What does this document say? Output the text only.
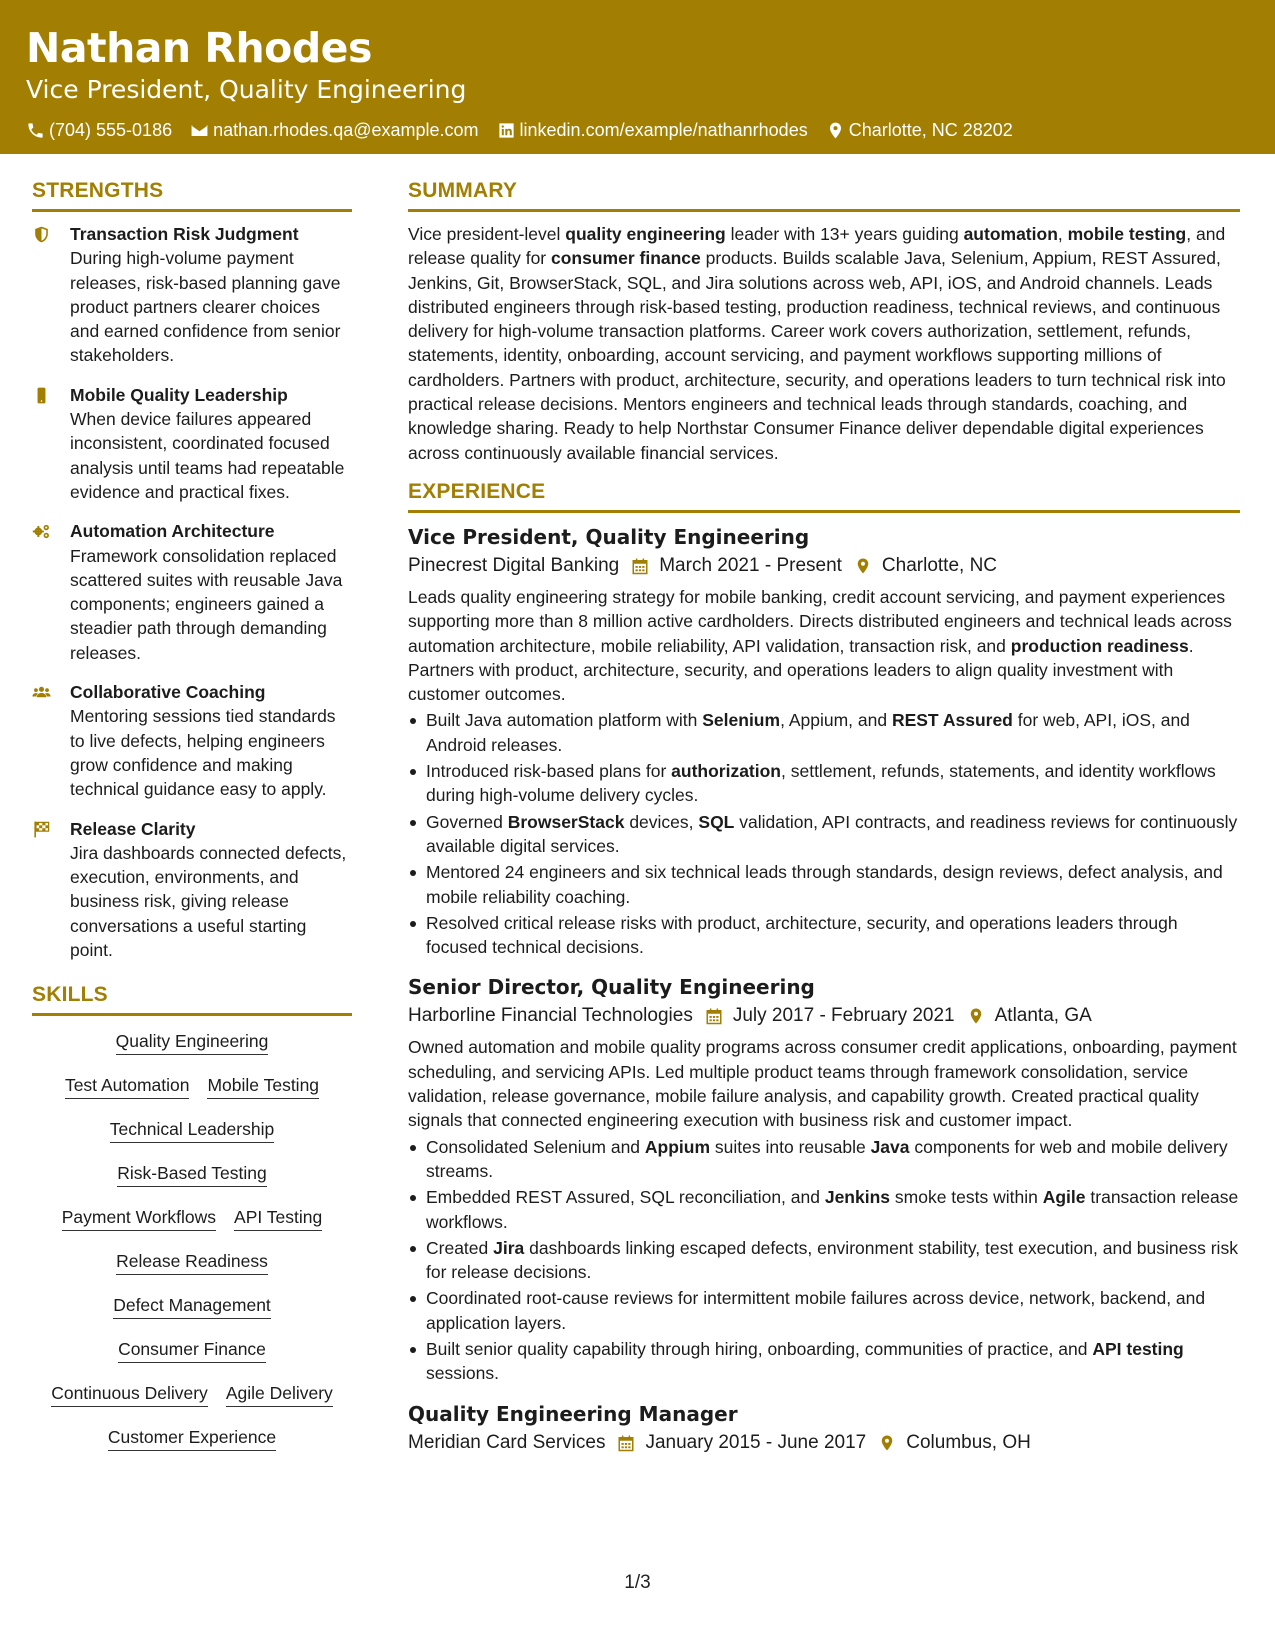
Nathan Rhodes
Vice President, Quality Engineering
(704) 555-0186 nathan.rhodes.qa@example.com linkedin.com/example/nathanrhodes Charlotte, NC 28202
STRENGTHS
Transaction Risk Judgment
During high-volume payment releases, risk-based planning gave product partners clearer choices and earned confidence from senior stakeholders.
Mobile Quality Leadership
When device failures appeared inconsistent, coordinated focused analysis until teams had repeatable evidence and practical fixes.
Automation Architecture
Framework consolidation replaced scattered suites with reusable Java components; engineers gained a steadier path through demanding releases.
Collaborative Coaching
Mentoring sessions tied standards to live defects, helping engineers grow confidence and making technical guidance easy to apply.
Release Clarity
Jira dashboards connected defects, execution, environments, and business risk, giving release conversations a useful starting point.
SKILLS
Quality Engineering
Test Automation Mobile Testing
Technical Leadership
Risk-Based Testing
Payment Workflows API Testing
Release Readiness
Defect Management
Consumer Finance
Continuous Delivery Agile Delivery
Customer Experience
SUMMARY
Vice president-level quality engineering leader with 13+ years guiding automation, mobile testing, and release quality for consumer finance products. Builds scalable Java, Selenium, Appium, REST Assured, Jenkins, Git, BrowserStack, SQL, and Jira solutions across web, API, iOS, and Android channels. Leads distributed engineers through risk-based testing, production readiness, technical reviews, and continuous delivery for high-volume transaction platforms. Career work covers authorization, settlement, refunds, statements, identity, onboarding, account servicing, and payment workflows supporting millions of cardholders. Partners with product, architecture, security, and operations leaders to turn technical risk into practical release decisions. Mentors engineers and technical leads through standards, coaching, and knowledge sharing. Ready to help Northstar Consumer Finance deliver dependable digital experiences across continuously available financial services.
EXPERIENCE
Vice President, Quality Engineering
Pinecrest Digital Banking March 2021 - Present Charlotte, NC
Leads quality engineering strategy for mobile banking, credit account servicing, and payment experiences supporting more than 8 million active cardholders. Directs distributed engineers and technical leads across automation architecture, mobile reliability, API validation, transaction risk, and production readiness. Partners with product, architecture, security, and operations leaders to align quality investment with customer outcomes.
Built Java automation platform with Selenium, Appium, and REST Assured for web, API, iOS, and Android releases.
Introduced risk-based plans for authorization, settlement, refunds, statements, and identity workflows during high-volume delivery cycles.
Governed BrowserStack devices, SQL validation, API contracts, and readiness reviews for continuously available digital services.
Mentored 24 engineers and six technical leads through standards, design reviews, defect analysis, and mobile reliability coaching.
Resolved critical release risks with product, architecture, security, and operations leaders through focused technical decisions.
Senior Director, Quality Engineering
Harborline Financial Technologies July 2017 - February 2021 Atlanta, GA
Owned automation and mobile quality programs across consumer credit applications, onboarding, payment scheduling, and servicing APIs. Led multiple product teams through framework consolidation, service validation, release governance, mobile failure analysis, and capability growth. Created practical quality signals that connected engineering execution with business risk and customer impact.
Consolidated Selenium and Appium suites into reusable Java components for web and mobile delivery streams.
Embedded REST Assured, SQL reconciliation, and Jenkins smoke tests within Agile transaction release workflows.
Created Jira dashboards linking escaped defects, environment stability, test execution, and business risk for release decisions.
Coordinated root-cause reviews for intermittent mobile failures across device, network, backend, and application layers.
Built senior quality capability through hiring, onboarding, communities of practice, and API testing sessions.
Quality Engineering Manager
Meridian Card Services January 2015 - June 2017 Columbus, OH
1/3
